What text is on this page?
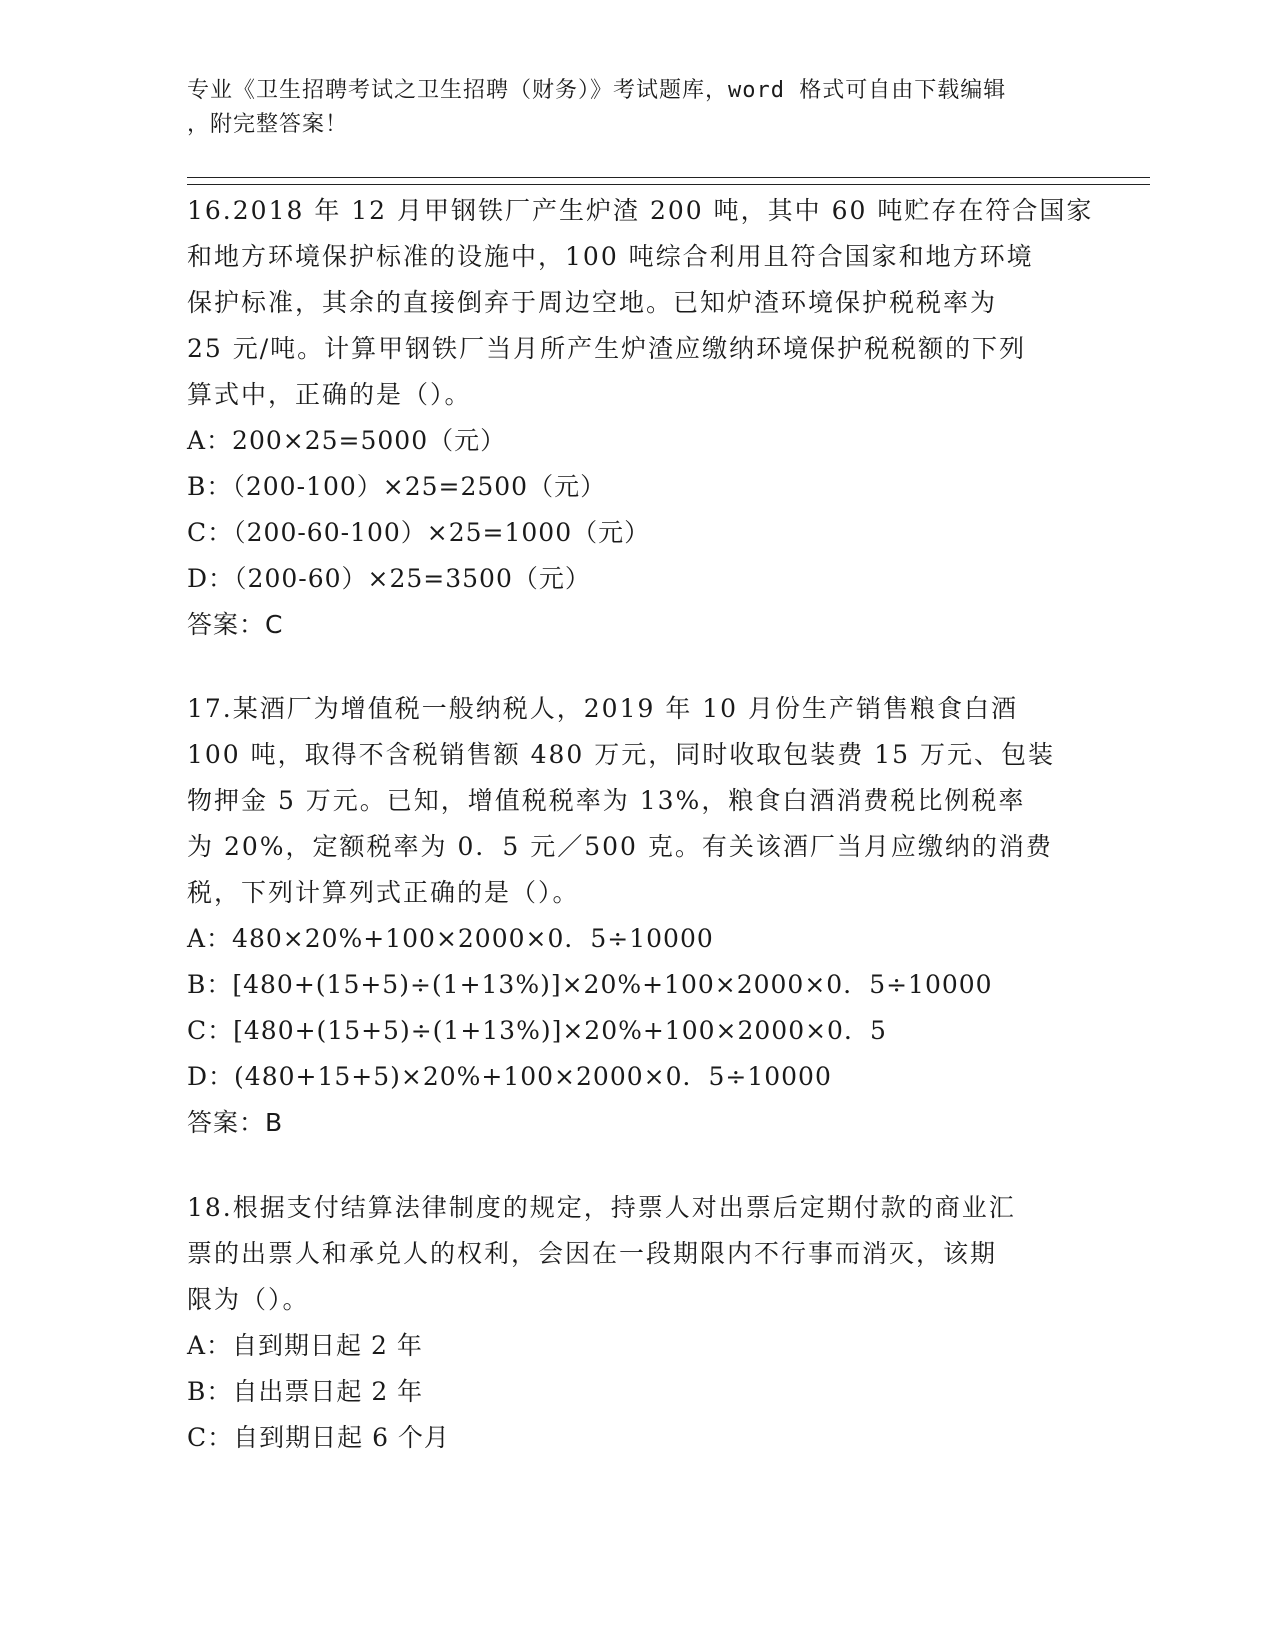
专业《卫生招聘考试之卫生招聘（财务）》考试题库，word 格式可自由下载编辑
，附完整答案！

16.2018 年 12 月甲钢铁厂产生炉渣 200 吨，其中 60 吨贮存在符合国家
和地方环境保护标准的设施中，100 吨综合利用且符合国家和地方环境
保护标准，其余的直接倒弃于周边空地。已知炉渣环境保护税税率为
25 元/吨。计算甲钢铁厂当月所产生炉渣应缴纳环境保护税税额的下列
算式中，正确的是（）。

A：200×25=5000（元）
B：（200-100）×25=2500（元）
C：（200-60-100）×25=1000（元）
D：（200-60）×25=3500（元）
答案：C

17.某酒厂为增值税一般纳税人，2019 年 10 月份生产销售粮食白酒
100 吨，取得不含税销售额 480 万元，同时收取包装费 15 万元、包装
物押金 5 万元。已知，增值税税率为 13%，粮食白酒消费税比例税率
为 20%，定额税率为 0．5 元／500 克。有关该酒厂当月应缴纳的消费
税，下列计算列式正确的是（）。

A：480×20%+100×2000×0．5÷10000
B：[480+(15+5)÷(1+13%)]×20%+100×2000×0．5÷10000
C：[480+(15+5)÷(1+13%)]×20%+100×2000×0．5
D：(480+15+5)×20%+100×2000×0．5÷10000
答案：B

18.根据支付结算法律制度的规定，持票人对出票后定期付款的商业汇
票的出票人和承兑人的权利，会因在一段期限内不行事而消灭，该期
限为（）。

A：自到期日起 2 年
B：自出票日起 2 年
C：自到期日起 6 个月
